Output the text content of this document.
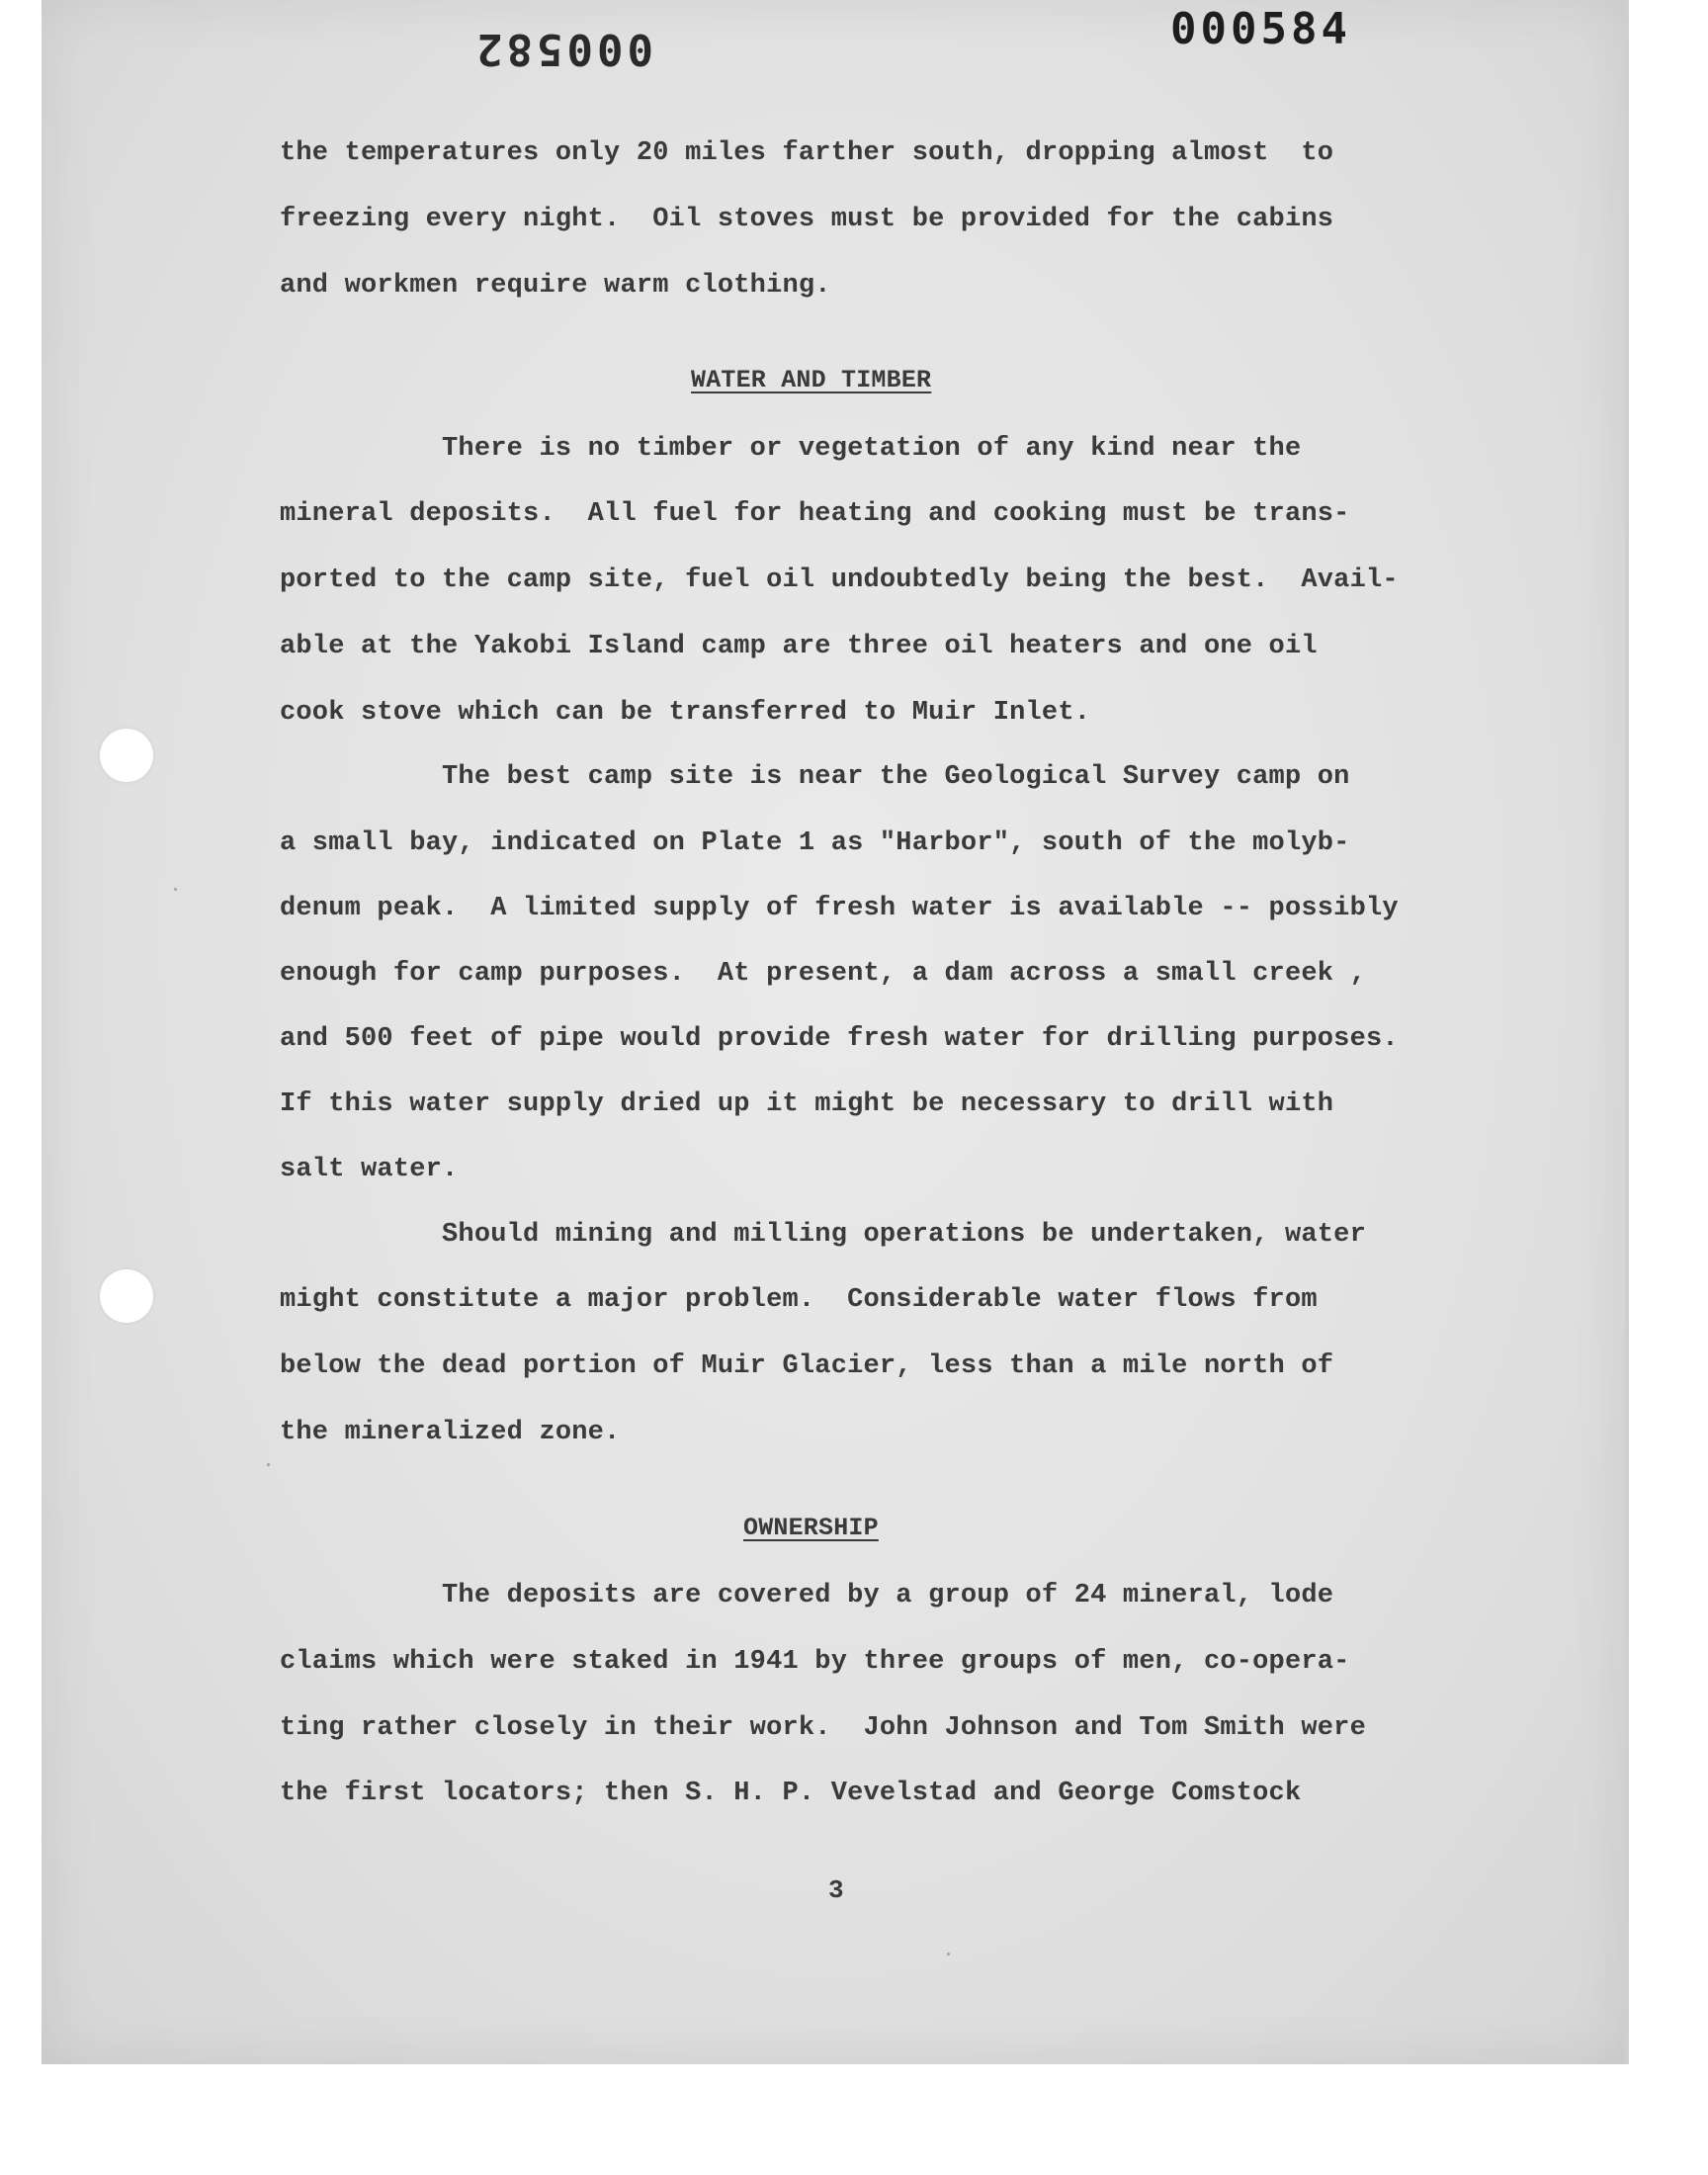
000582	000584
the temperatures only 20 miles farther south, dropping almost  to
freezing every night.  Oil stoves must be provided for the cabins
and workmen require warm clothing.
WATER AND TIMBER
There is no timber or vegetation of any kind near the
mineral deposits.  All fuel for heating and cooking must be trans-
ported to the camp site, fuel oil undoubtedly being the best.  Avail-
able at the Yakobi Island camp are three oil heaters and one oil
cook stove which can be transferred to Muir Inlet.
The best camp site is near the Geological Survey camp on
a small bay, indicated on Plate 1 as "Harbor", south of the molyb-
denum peak.  A limited supply of fresh water is available -- possibly
enough for camp purposes.  At present, a dam across a small creek ,
and 500 feet of pipe would provide fresh water for drilling purposes.
If this water supply dried up it might be necessary to drill with
salt water.
Should mining and milling operations be undertaken, water
might constitute a major problem.  Considerable water flows from
below the dead portion of Muir Glacier, less than a mile north of
the mineralized zone.
OWNERSHIP
The deposits are covered by a group of 24 mineral, lode
claims which were staked in 1941 by three groups of men, co-opera-
ting rather closely in their work.  John Johnson and Tom Smith were
the first locators; then S. H. P. Vevelstad and George Comstock
3
